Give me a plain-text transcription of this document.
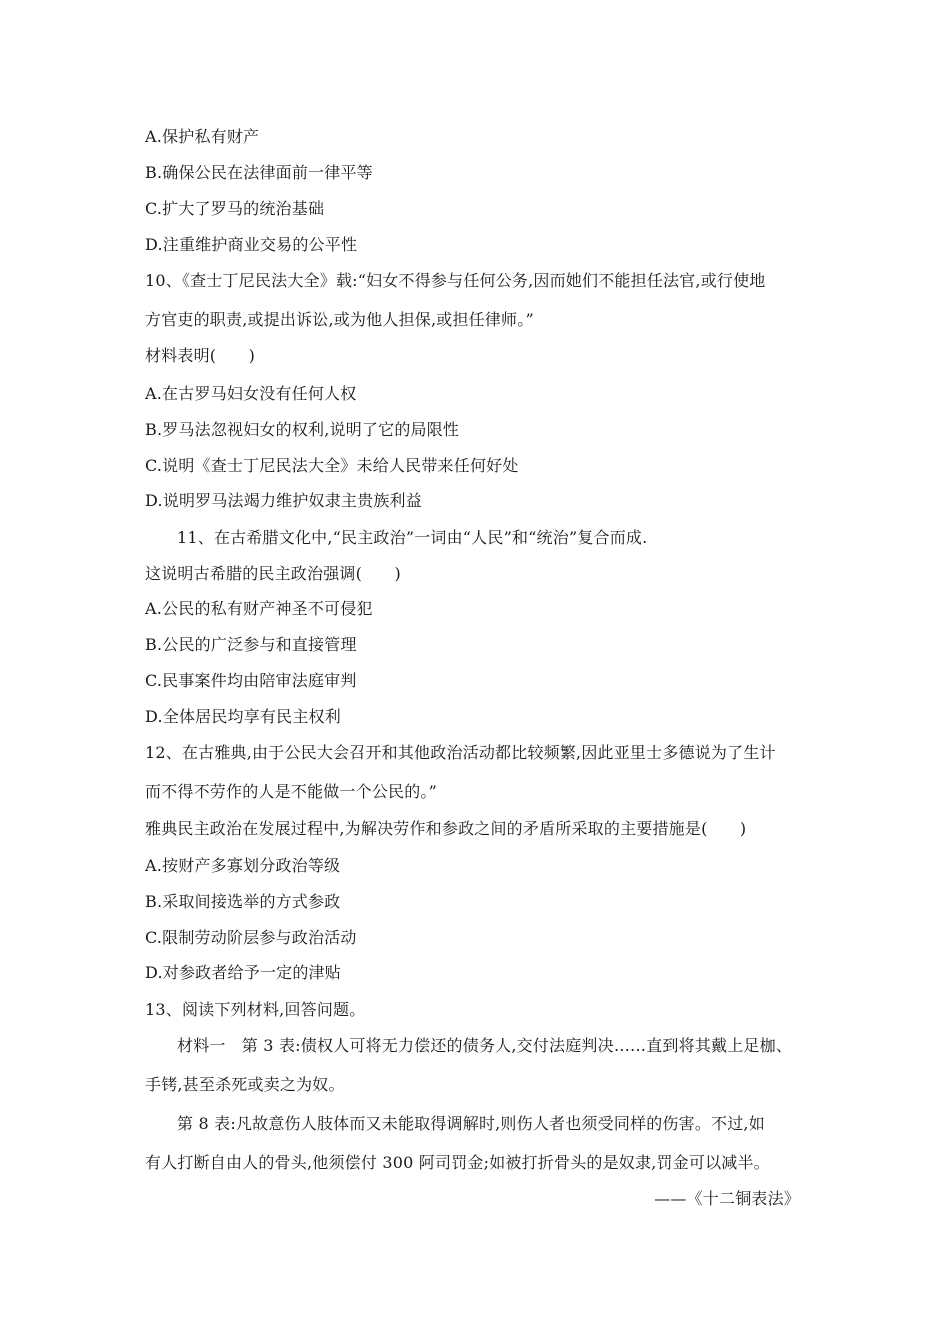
A.保护私有财产
B.确保公民在法律面前一律平等
C.扩大了罗马的统治基础
D.注重维护商业交易的公平性
10、《查士丁尼民法大全》载:“妇女不得参与任何公务,因而她们不能担任法官,或行使地
方官吏的职责,或提出诉讼,或为他人担保,或担任律师。”
材料表明(　　)
A.在古罗马妇女没有任何人权
B.罗马法忽视妇女的权利,说明了它的局限性
C.说明《查士丁尼民法大全》未给人民带来任何好处
D.说明罗马法竭力维护奴隶主贵族利益
11、在古希腊文化中,“民主政治”一词由“人民”和“统治”复合而成.
这说明古希腊的民主政治强调(　　)
A.公民的私有财产神圣不可侵犯
B.公民的广泛参与和直接管理
C.民事案件均由陪审法庭审判
D.全体居民均享有民主权利
12、在古雅典,由于公民大会召开和其他政治活动都比较频繁,因此亚里士多德说为了生计
而不得不劳作的人是不能做一个公民的。”
雅典民主政治在发展过程中,为解决劳作和参政之间的矛盾所采取的主要措施是(　　)
A.按财产多寡划分政治等级
B.采取间接选举的方式参政
C.限制劳动阶层参与政治活动
D.对参政者给予一定的津贴
13、阅读下列材料,回答问题。
材料一　第 3 表:债权人可将无力偿还的债务人,交付法庭判决……直到将其戴上足枷、
手铐,甚至杀死或卖之为奴。
第 8 表:凡故意伤人肢体而又未能取得调解时,则伤人者也须受同样的伤害。不过,如
有人打断自由人的骨头,他须偿付 300 阿司罚金;如被打折骨头的是奴隶,罚金可以减半。
——《十二铜表法》
